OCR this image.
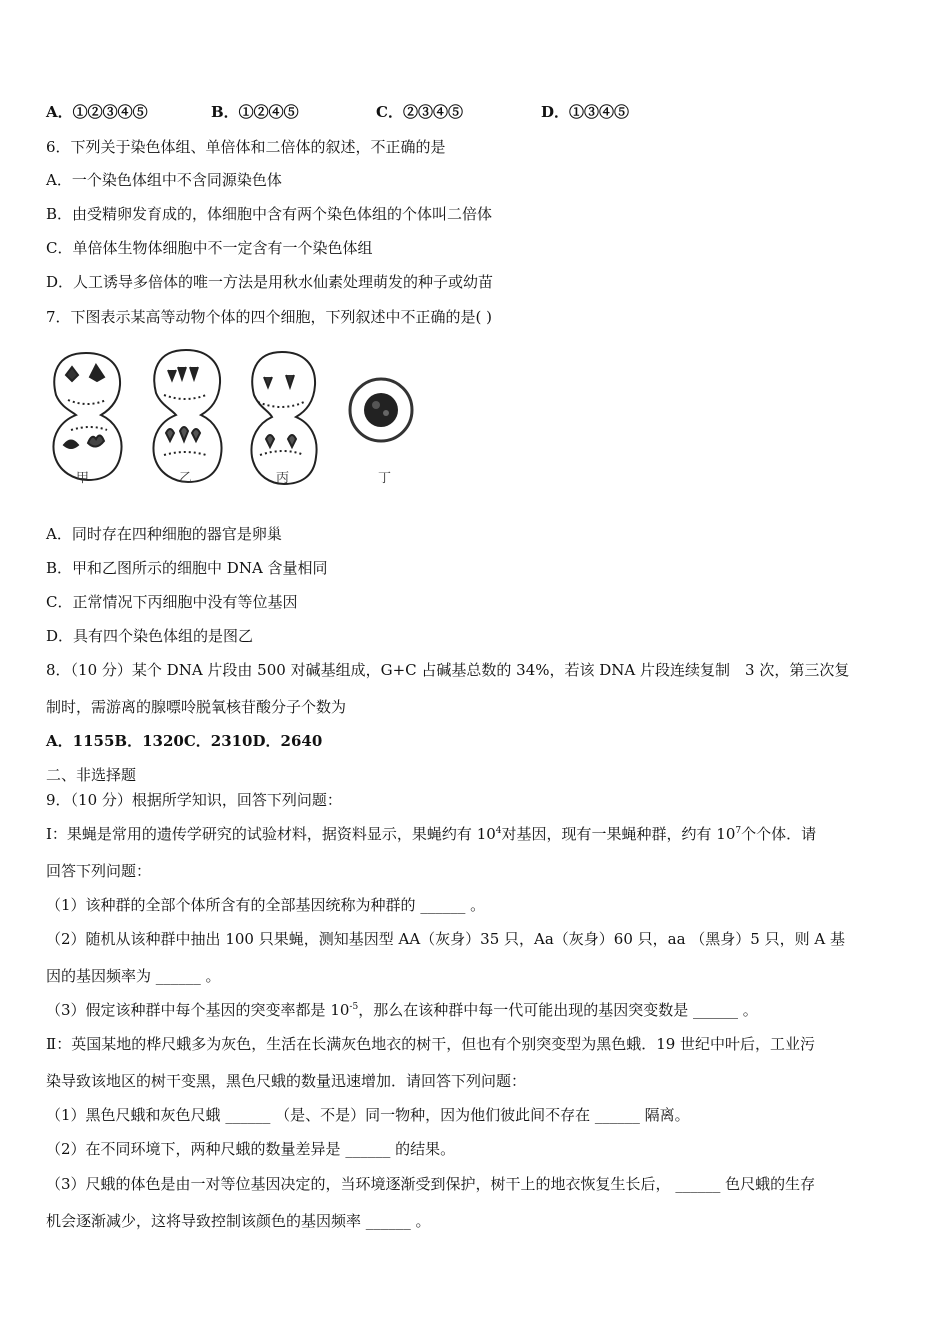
A．①②③④⑤	B．①②④⑤	C．②③④⑤	D．①③④⑤
6．下列关于染色体组、单倍体和二倍体的叙述，不正确的是
A．一个染色体组中不含同源染色体
B．由受精卵发育成的，体细胞中含有两个染色体组的个体叫二倍体
C．单倍体生物体细胞中不一定含有一个染色体组
D．人工诱导多倍体的唯一方法是用秋水仙素处理萌发的种子或幼苗
7．下图表示某高等动物个体的四个细胞，下列叙述中不正确的是( )
甲	乙	丙	丁
A．同时存在四种细胞的器官是卵巢
B．甲和乙图所示的细胞中 DNA 含量相同
C．正常情况下丙细胞中没有等位基因
D．具有四个染色体组的是图乙
8．（10 分）某个 DNA 片段由 500 对碱基组成，G+C 占碱基总数的 34%，若该 DNA 片段连续复制　3 次，第三次复
制时，需游离的腺嘌呤脱氧核苷酸分子个数为
A．1155B．1320C．2310D．2640
二、非选择题
9．（10 分）根据所学知识，回答下列问题：
Ⅰ：果蝇是常用的遗传学研究的试验材料，据资料显示，果蝇约有 $10^4$对基因，现有一果蝇种群，约有 $10^7$个个体．请
回答下列问题：
（1）该种群的全部个体所含有的全部基因统称为种群的 ______ 。
（2）随机从该种群中抽出 100 只果蝇，测知基因型 AA（灰身）35 只，Aa（灰身）60 只，aa （黑身）5 只，则 A 基
因的基因频率为 ______ 。
（3）假定该种群中每个基因的突变率都是 $10^{-5}$，那么在该种群中每一代可能出现的基因突变数是 ______ 。
Ⅱ：英国某地的桦尺蛾多为灰色，生活在长满灰色地衣的树干，但也有个别突变型为黑色蛾．19 世纪中叶后，工业污
染导致该地区的树干变黑，黑色尺蛾的数量迅速增加．请回答下列问题：
（1）黑色尺蛾和灰色尺蛾 ______ （是、不是）同一物种，因为他们彼此间不存在 ______ 隔离。
（2）在不同环境下，两种尺蛾的数量差异是 ______ 的结果。
（3）尺蛾的体色是由一对等位基因决定的，当环境逐渐受到保护，树干上的地衣恢复生长后， ______ 色尺蛾的生存
机会逐渐减少，这将导致控制该颜色的基因频率 ______ 。
